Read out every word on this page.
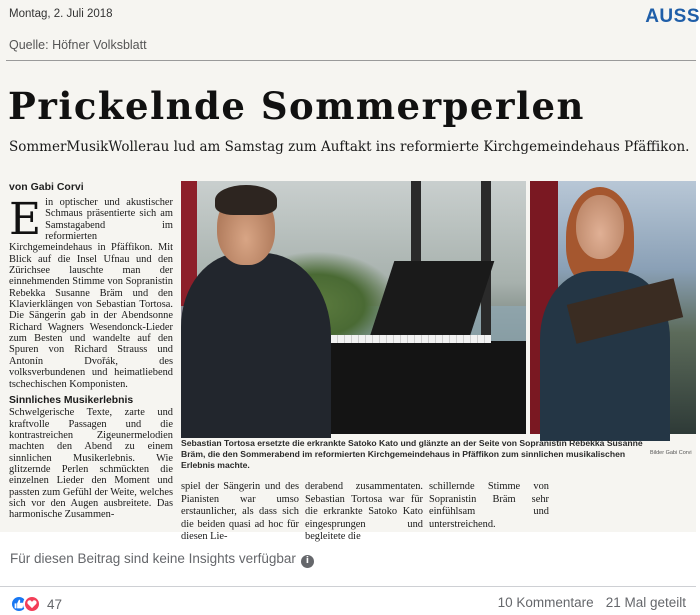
Montag, 2. Juli 2018	AUSS
Quelle: Höfner Volksblatt
Prickelnde Sommerperlen
SommerMusikWollerau lud am Samstag zum Auftakt ins reformierte Kirchgemeindehaus Pfäffikon.
von Gabi Corvi

Ein optischer und akustischer Schmaus präsentierte sich am Samstagabend im reformierten Kirchgemeindehaus in Pfäffikon. Mit Blick auf die Insel Ufnau und den Zürichsee lauschte man der einnehmenden Stimme von Sopranistin Rebekka Susanne Bräm und den Klavierklängen von Sebastian Tortosa. Die Sängerin gab in der Abendsonne Richard Wagners Wesendonck-Lieder zum Besten und wandelte auf den Spuren von Richard Strauss und Antonín Dvořák, des volksverbundenen und heimatliebend tschechischen Komponisten.

Sinnliches Musikerlebnis

Schwelgerische Texte, zarte und kraftvolle Passagen und die kontrastreichen Zigeunermelodien machten den Abend zu einem sinnlichen Musikerlebnis. Wie glitzernde Perlen schmückten die einzelnen Lieder den Moment und passten zum Gefühl der Weite, welches sich vor den Augen ausbreitete. Das harmonische Zusammen-

Sebastian Tortosa ersetzte die erkrankte Satoko Kato und glänzte an der Seite von Sopranistin Rebekka Susanne Bräm, die den Sommerabend im reformierten Kirchgemeindehaus in Pfäffikon zum sinnlichen musikalischen Erlebnis machte.
Bilder Gabi Corvi
spiel der Sängerin und des Pianisten war umso erstaunlicher, als dass sich die beiden quasi ad hoc für diesen Lie-
derabend zusammentaten. Sebastian Tortosa war für die erkrankte Satoko Kato eingesprungen und begleitete die
schillernde Stimme von Sopranistin Bräm sehr einfühlsam und unterstreichend.
Für diesen Beitrag sind keine Insights verfügbar i
47	10 Kommentare 21 Mal geteilt
